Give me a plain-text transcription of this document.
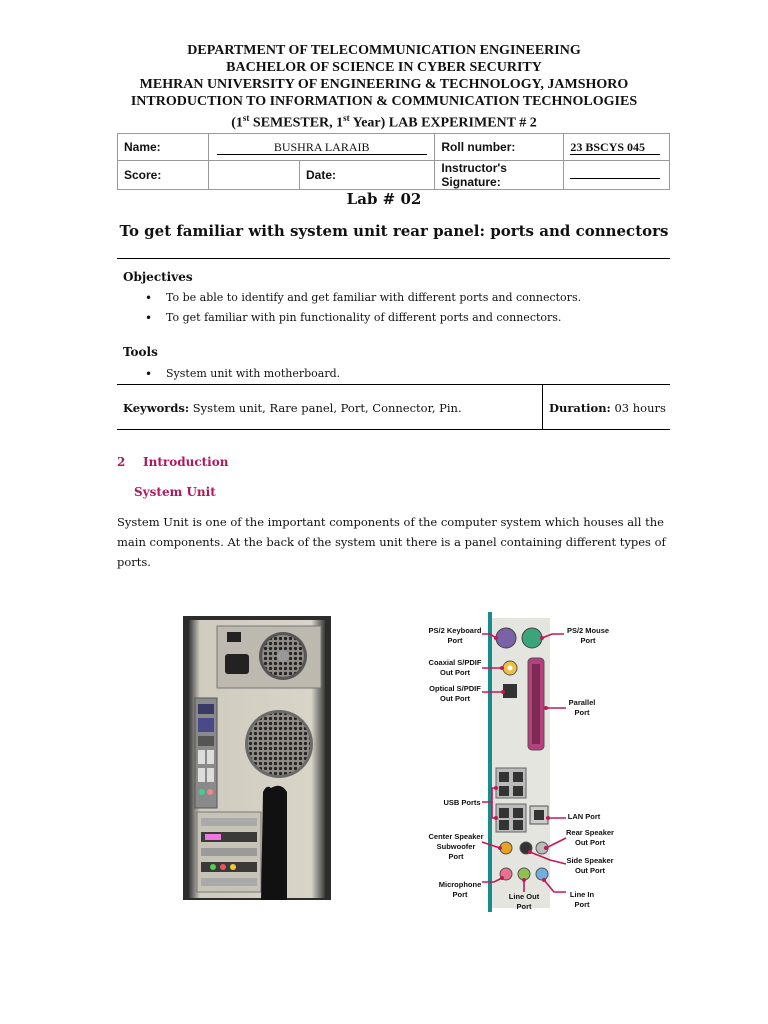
DEPARTMENT OF TELECOMMUNICATION ENGINEERING
BACHELOR OF SCIENCE IN CYBER SECURITY
MEHRAN UNIVERSITY OF ENGINEERING & TECHNOLOGY, JAMSHORO
INTRODUCTION TO INFORMATION & COMMUNICATION TECHNOLOGIES
(1st SEMESTER, 1st Year) LAB EXPERIMENT # 2
Name:	BUSHRA LARAIB		Roll number:	23 BSCYS 045
Score:		Date:	Instructor's Signature:	
Lab # 02
To get familiar with system unit rear panel: ports and connectors
Objectives
• To be able to identify and get familiar with different ports and connectors.
• To get familiar with pin functionality of different ports and connectors.
Tools
• System unit with motherboard.
Keywords: System unit, Rare panel, Port, Connector, Pin.	Duration: 03 hours
2 Introduction
System Unit
System Unit is one of the important components of the computer system which houses all the main components. At the back of the system unit there is a panel containing different types of ports.
PS/2 Keyboard
Port
PS/2 Mouse
Port
Coaxial S/PDIF
Out Port
Optical S/PDIF
Out Port	Parallel
Port
USB Ports
LAN Port
Center Speaker
Subwoofer
Port
Rear Speaker
Out Port
Side Speaker
Out Port
Microphone
Port	Line Out
Port
Line In
Port
